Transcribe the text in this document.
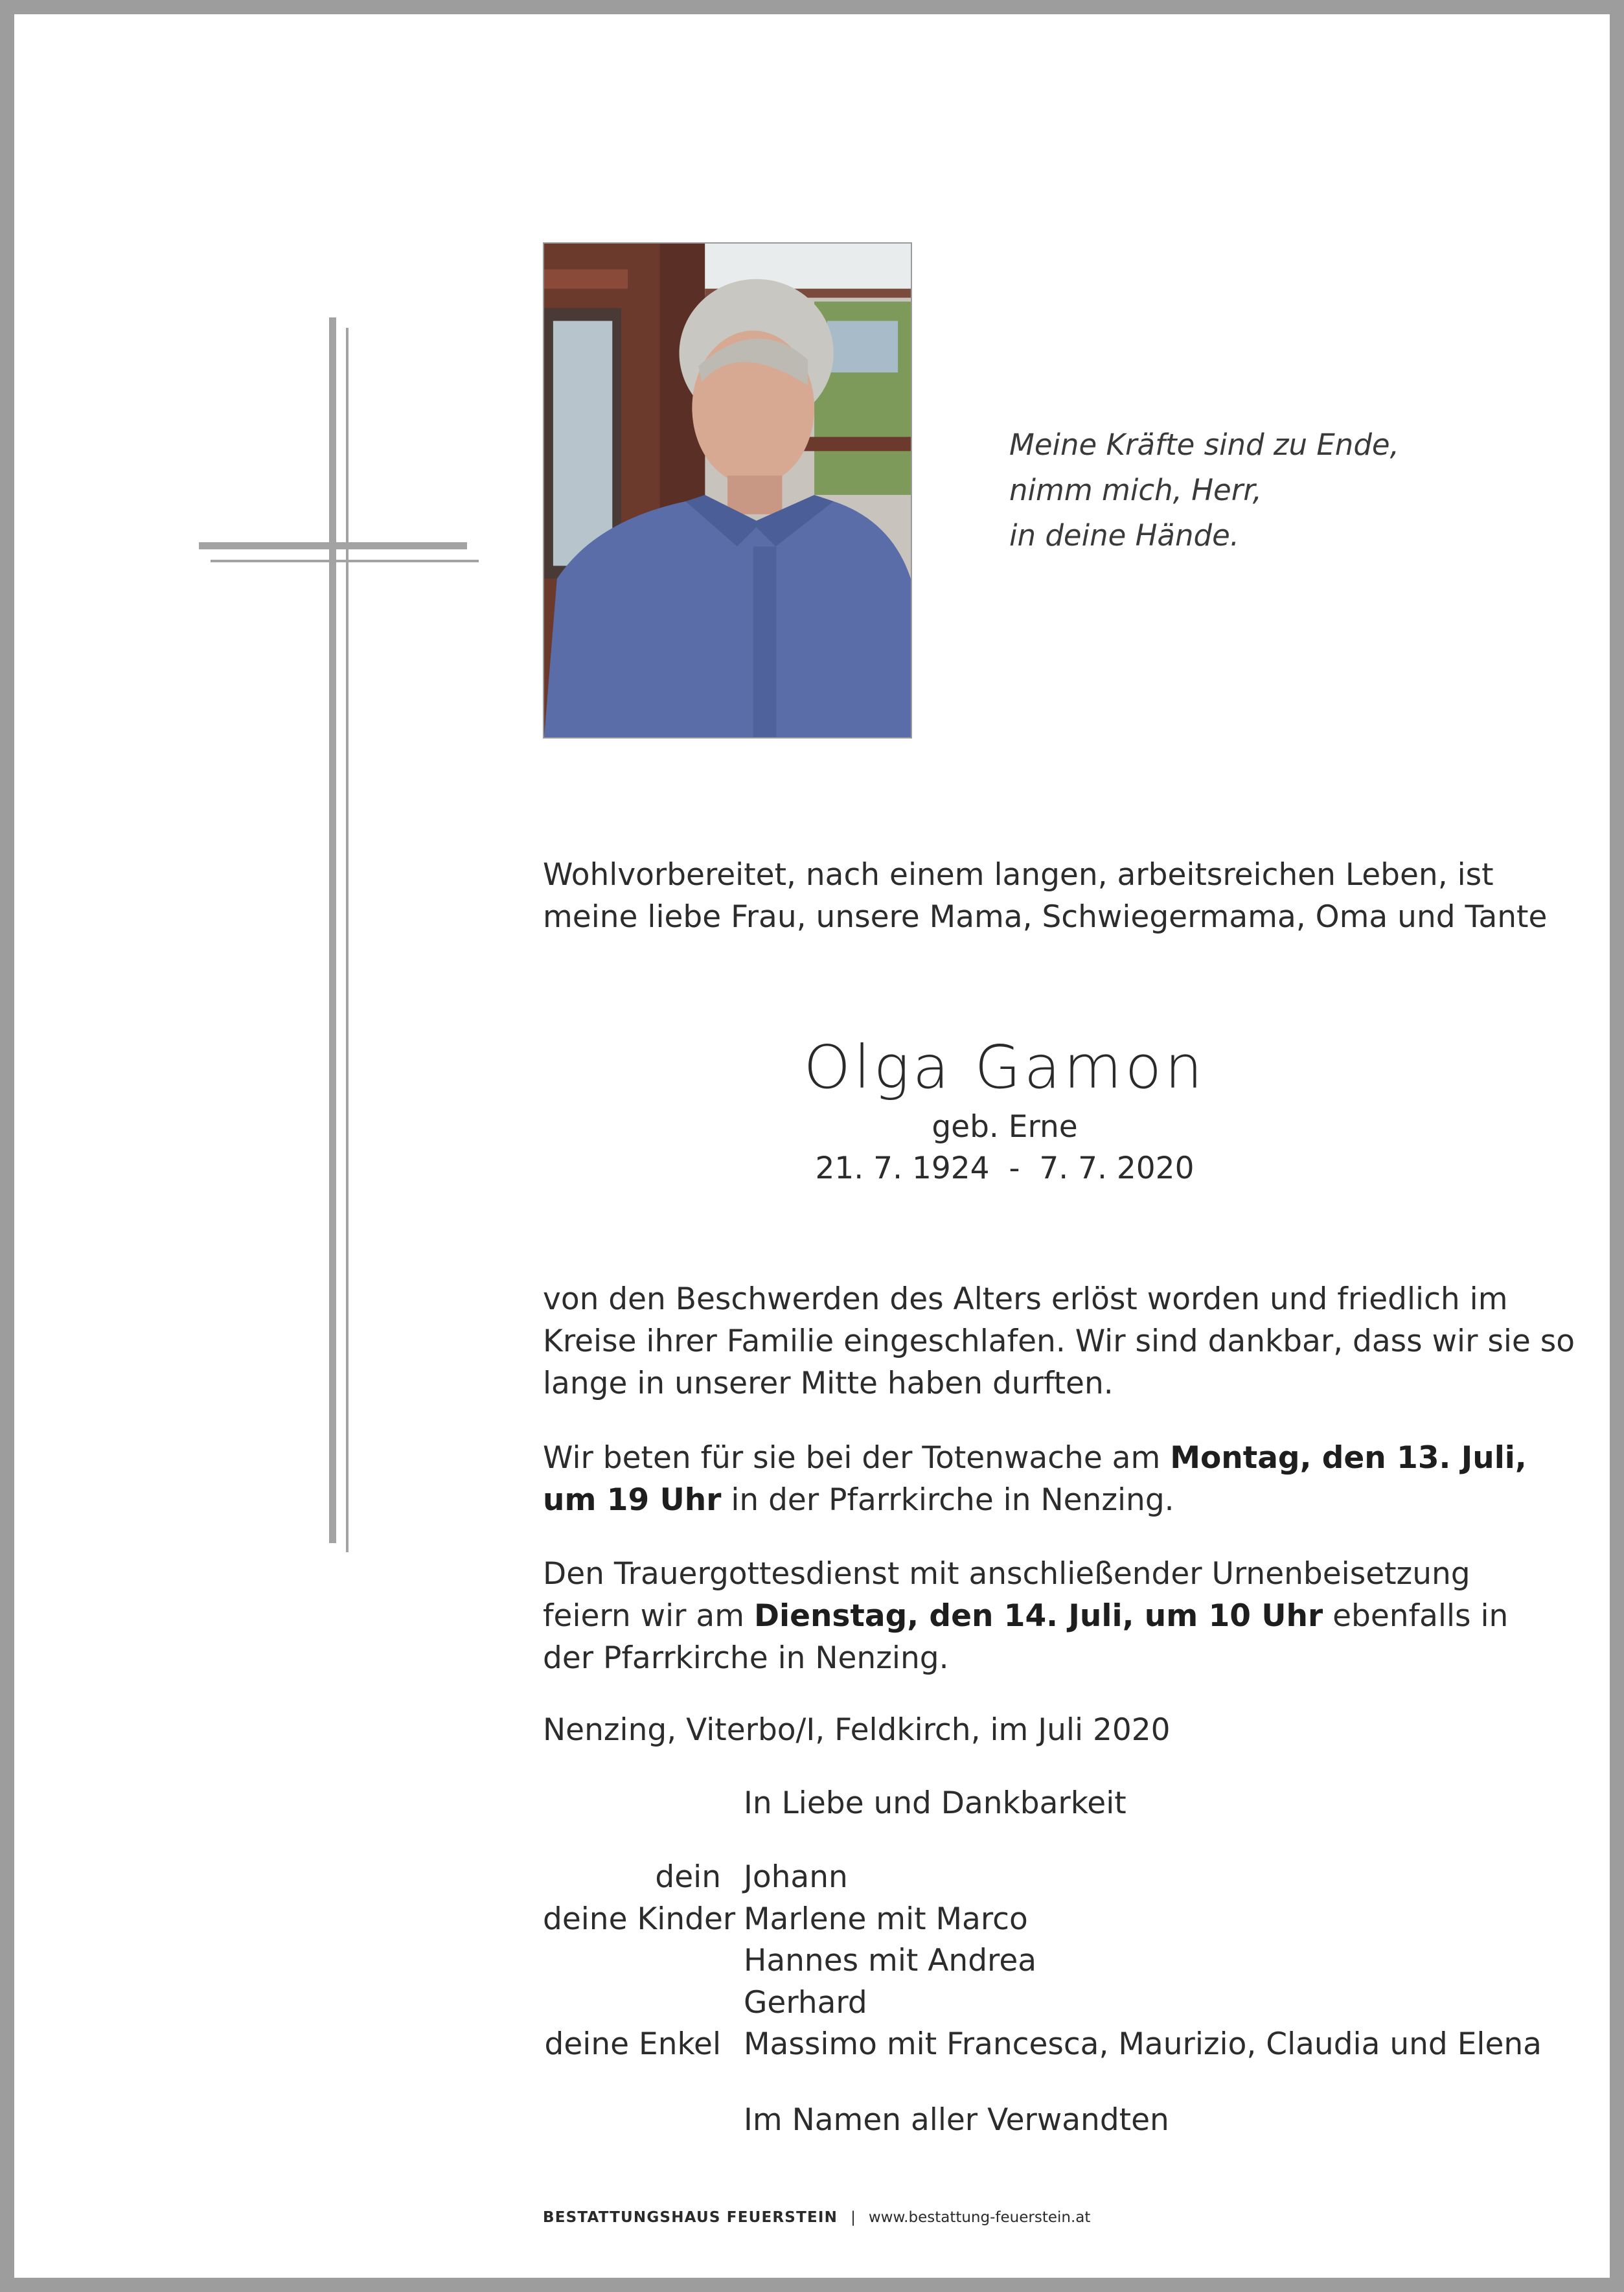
Meine Kräfte sind zu Ende,
nimm mich, Herr,
in deine Hände.
Wohlvorbereitet, nach einem langen, arbeitsreichen Leben, ist
meine liebe Frau, unsere Mama, Schwiegermama, Oma und Tante
Olga Gamon
geb. Erne
21. 7. 1924  -  7. 7. 2020
von den Beschwerden des Alters erlöst worden und friedlich im
Kreise ihrer Familie eingeschlafen. Wir sind dankbar, dass wir sie so
lange in unserer Mitte haben durften.
Wir beten für sie bei der Totenwache am Montag, den 13. Juli,
um 19 Uhr in der Pfarrkirche in Nenzing.
Den Trauergottesdienst mit anschließender Urnenbeisetzung
feiern wir am Dienstag, den 14. Juli, um 10 Uhr ebenfalls in
der Pfarrkirche in Nenzing.
Nenzing, Viterbo/I, Feldkirch, im Juli 2020
In Liebe und Dankbarkeit
dein Johann
deine Kinder Marlene mit Marco
Hannes mit Andrea
Gerhard
deine Enkel Massimo mit Francesca, Maurizio, Claudia und Elena
Im Namen aller Verwandten
BESTATTUNGSHAUS FEUERSTEIN | www.bestattung-feuerstein.at
